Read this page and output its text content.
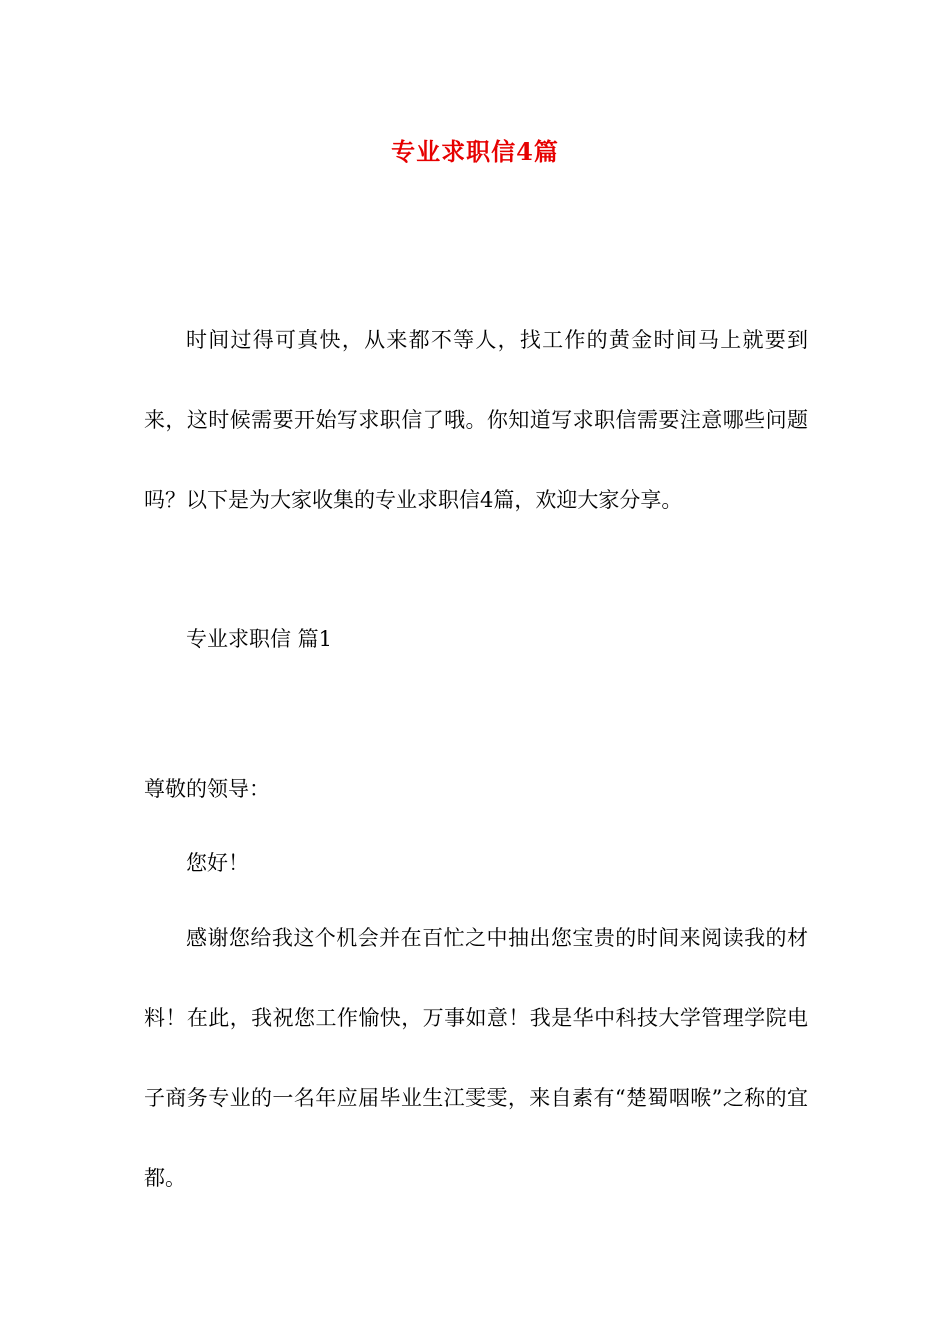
专业求职信4篇

时间过得可真快，从来都不等人，找工作的黄金时间马上就要到来，这时候需要开始写求职信了哦。你知道写求职信需要注意哪些问题吗？以下是为大家收集的专业求职信4篇，欢迎大家分享。

专业求职信 篇1

尊敬的领导：

您好！

感谢您给我这个机会并在百忙之中抽出您宝贵的时间来阅读我的材料！在此，我祝您工作愉快，万事如意！我是华中科技大学管理学院电子商务专业的一名年应届毕业生江雯雯，来自素有“楚蜀咽喉”之称的宜都。
